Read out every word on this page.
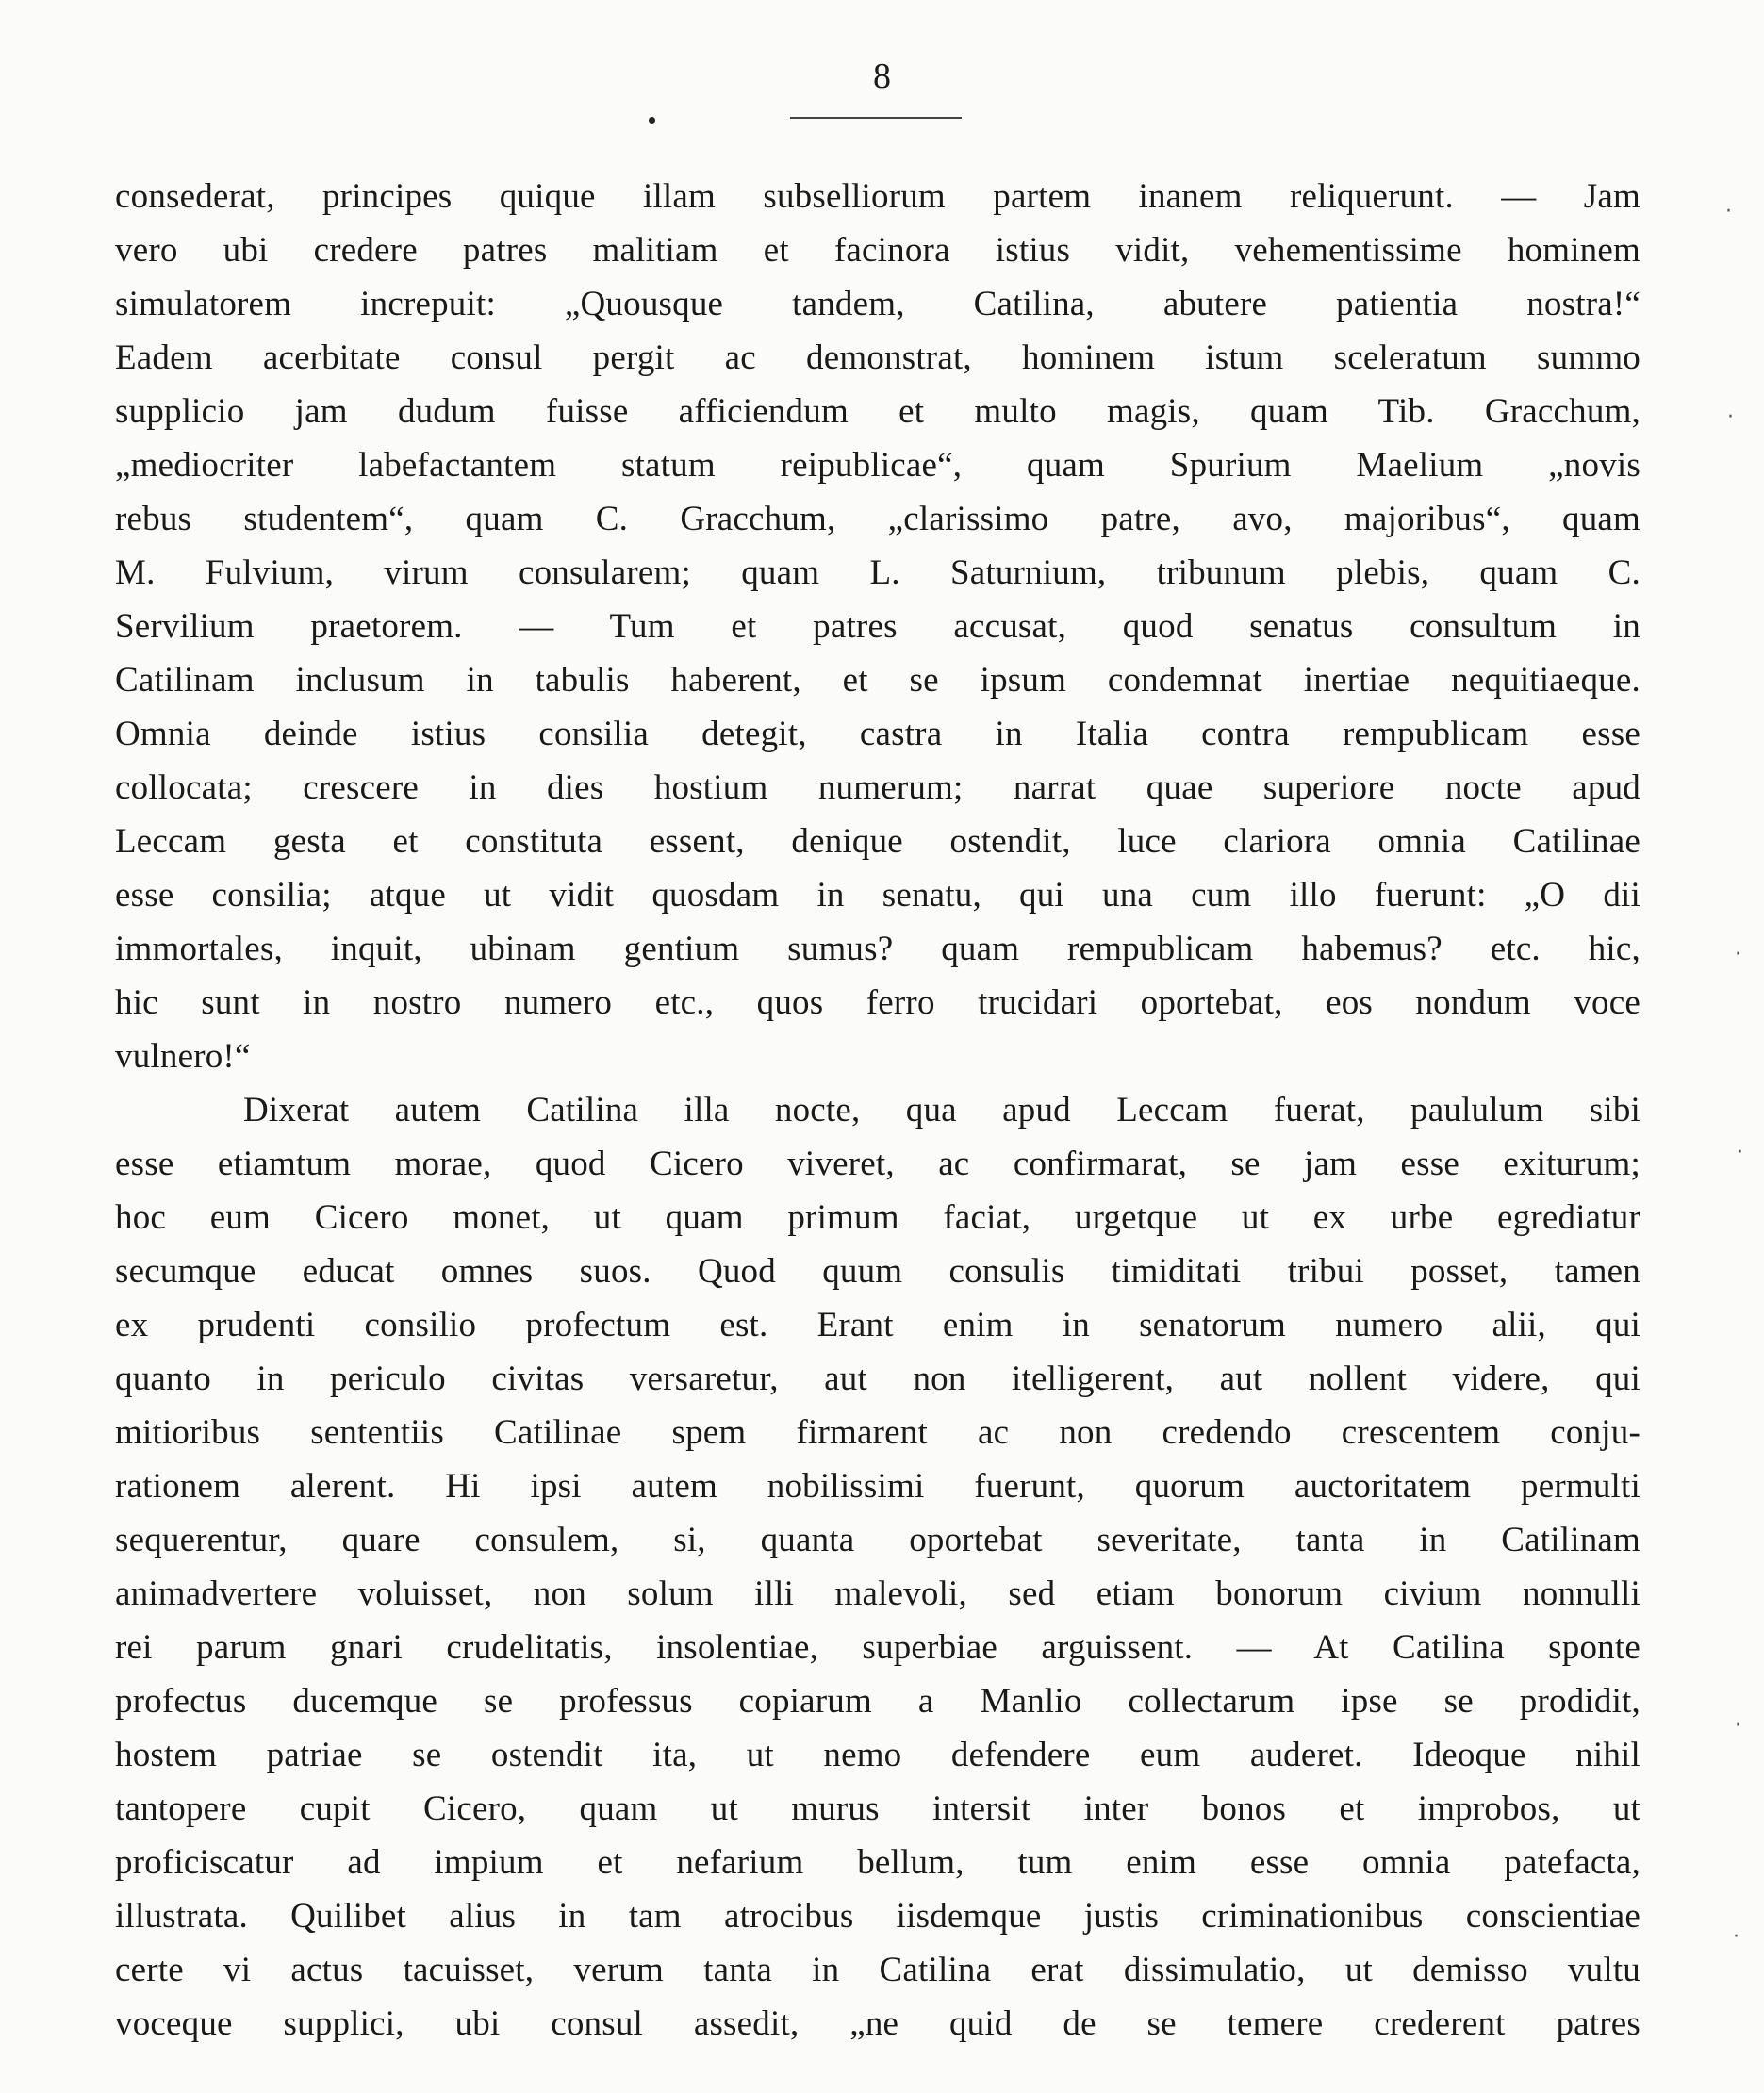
8
consederat, principes quique illam subselliorum partem inanem reliquerunt. — Jam
vero ubi credere patres malitiam et facinora istius vidit, vehementissime hominem
simulatorem increpuit: „Quousque tandem, Catilina, abutere patientia nostra!“
Eadem acerbitate consul pergit ac demonstrat, hominem istum sceleratum summo
supplicio jam dudum fuisse afficiendum et multo magis, quam Tib. Gracchum,
„mediocriter labefactantem statum reipublicae“, quam Spurium Maelium „novis
rebus studentem“, quam C. Gracchum, „clarissimo patre, avo, majoribus“, quam
M. Fulvium, virum consularem; quam L. Saturnium, tribunum plebis, quam C.
Servilium praetorem. — Tum et patres accusat, quod senatus consultum in
Catilinam inclusum in tabulis haberent, et se ipsum condemnat inertiae nequitiaeque.
Omnia deinde istius consilia detegit, castra in Italia contra rempublicam esse
collocata; crescere in dies hostium numerum; narrat quae superiore nocte apud
Leccam gesta et constituta essent, denique ostendit, luce clariora omnia Catilinae
esse consilia; atque ut vidit quosdam in senatu, qui una cum illo fuerunt: „O dii
immortales, inquit, ubinam gentium sumus? quam rempublicam habemus? etc. hic,
hic sunt in nostro numero etc., quos ferro trucidari oportebat, eos nondum voce
vulnero!“
Dixerat autem Catilina illa nocte, qua apud Leccam fuerat, paululum sibi
esse etiamtum morae, quod Cicero viveret, ac confirmarat, se jam esse exiturum;
hoc eum Cicero monet, ut quam primum faciat, urgetque ut ex urbe egrediatur
secumque educat omnes suos. Quod quum consulis timiditati tribui posset, tamen
ex prudenti consilio profectum est. Erant enim in senatorum numero alii, qui
quanto in periculo civitas versaretur, aut non itelligerent, aut nollent videre, qui
mitioribus sententiis Catilinae spem firmarent ac non credendo crescentem conju-
rationem alerent. Hi ipsi autem nobilissimi fuerunt, quorum auctoritatem permulti
sequerentur, quare consulem, si, quanta oportebat severitate, tanta in Catilinam
animadvertere voluisset, non solum illi malevoli, sed etiam bonorum civium nonnulli
rei parum gnari crudelitatis, insolentiae, superbiae arguissent. — At Catilina sponte
profectus ducemque se professus copiarum a Manlio collectarum ipse se prodidit,
hostem patriae se ostendit ita, ut nemo defendere eum auderet. Ideoque nihil
tantopere cupit Cicero, quam ut murus intersit inter bonos et improbos, ut
proficiscatur ad impium et nefarium bellum, tum enim esse omnia patefacta,
illustrata. Quilibet alius in tam atrocibus iisdemque justis criminationibus conscientiae
certe vi actus tacuisset, verum tanta in Catilina erat dissimulatio, ut demisso vultu
voceque supplici, ubi consul assedit, „ne quid de se temere crederent patres
·
·
·
·
·
·
